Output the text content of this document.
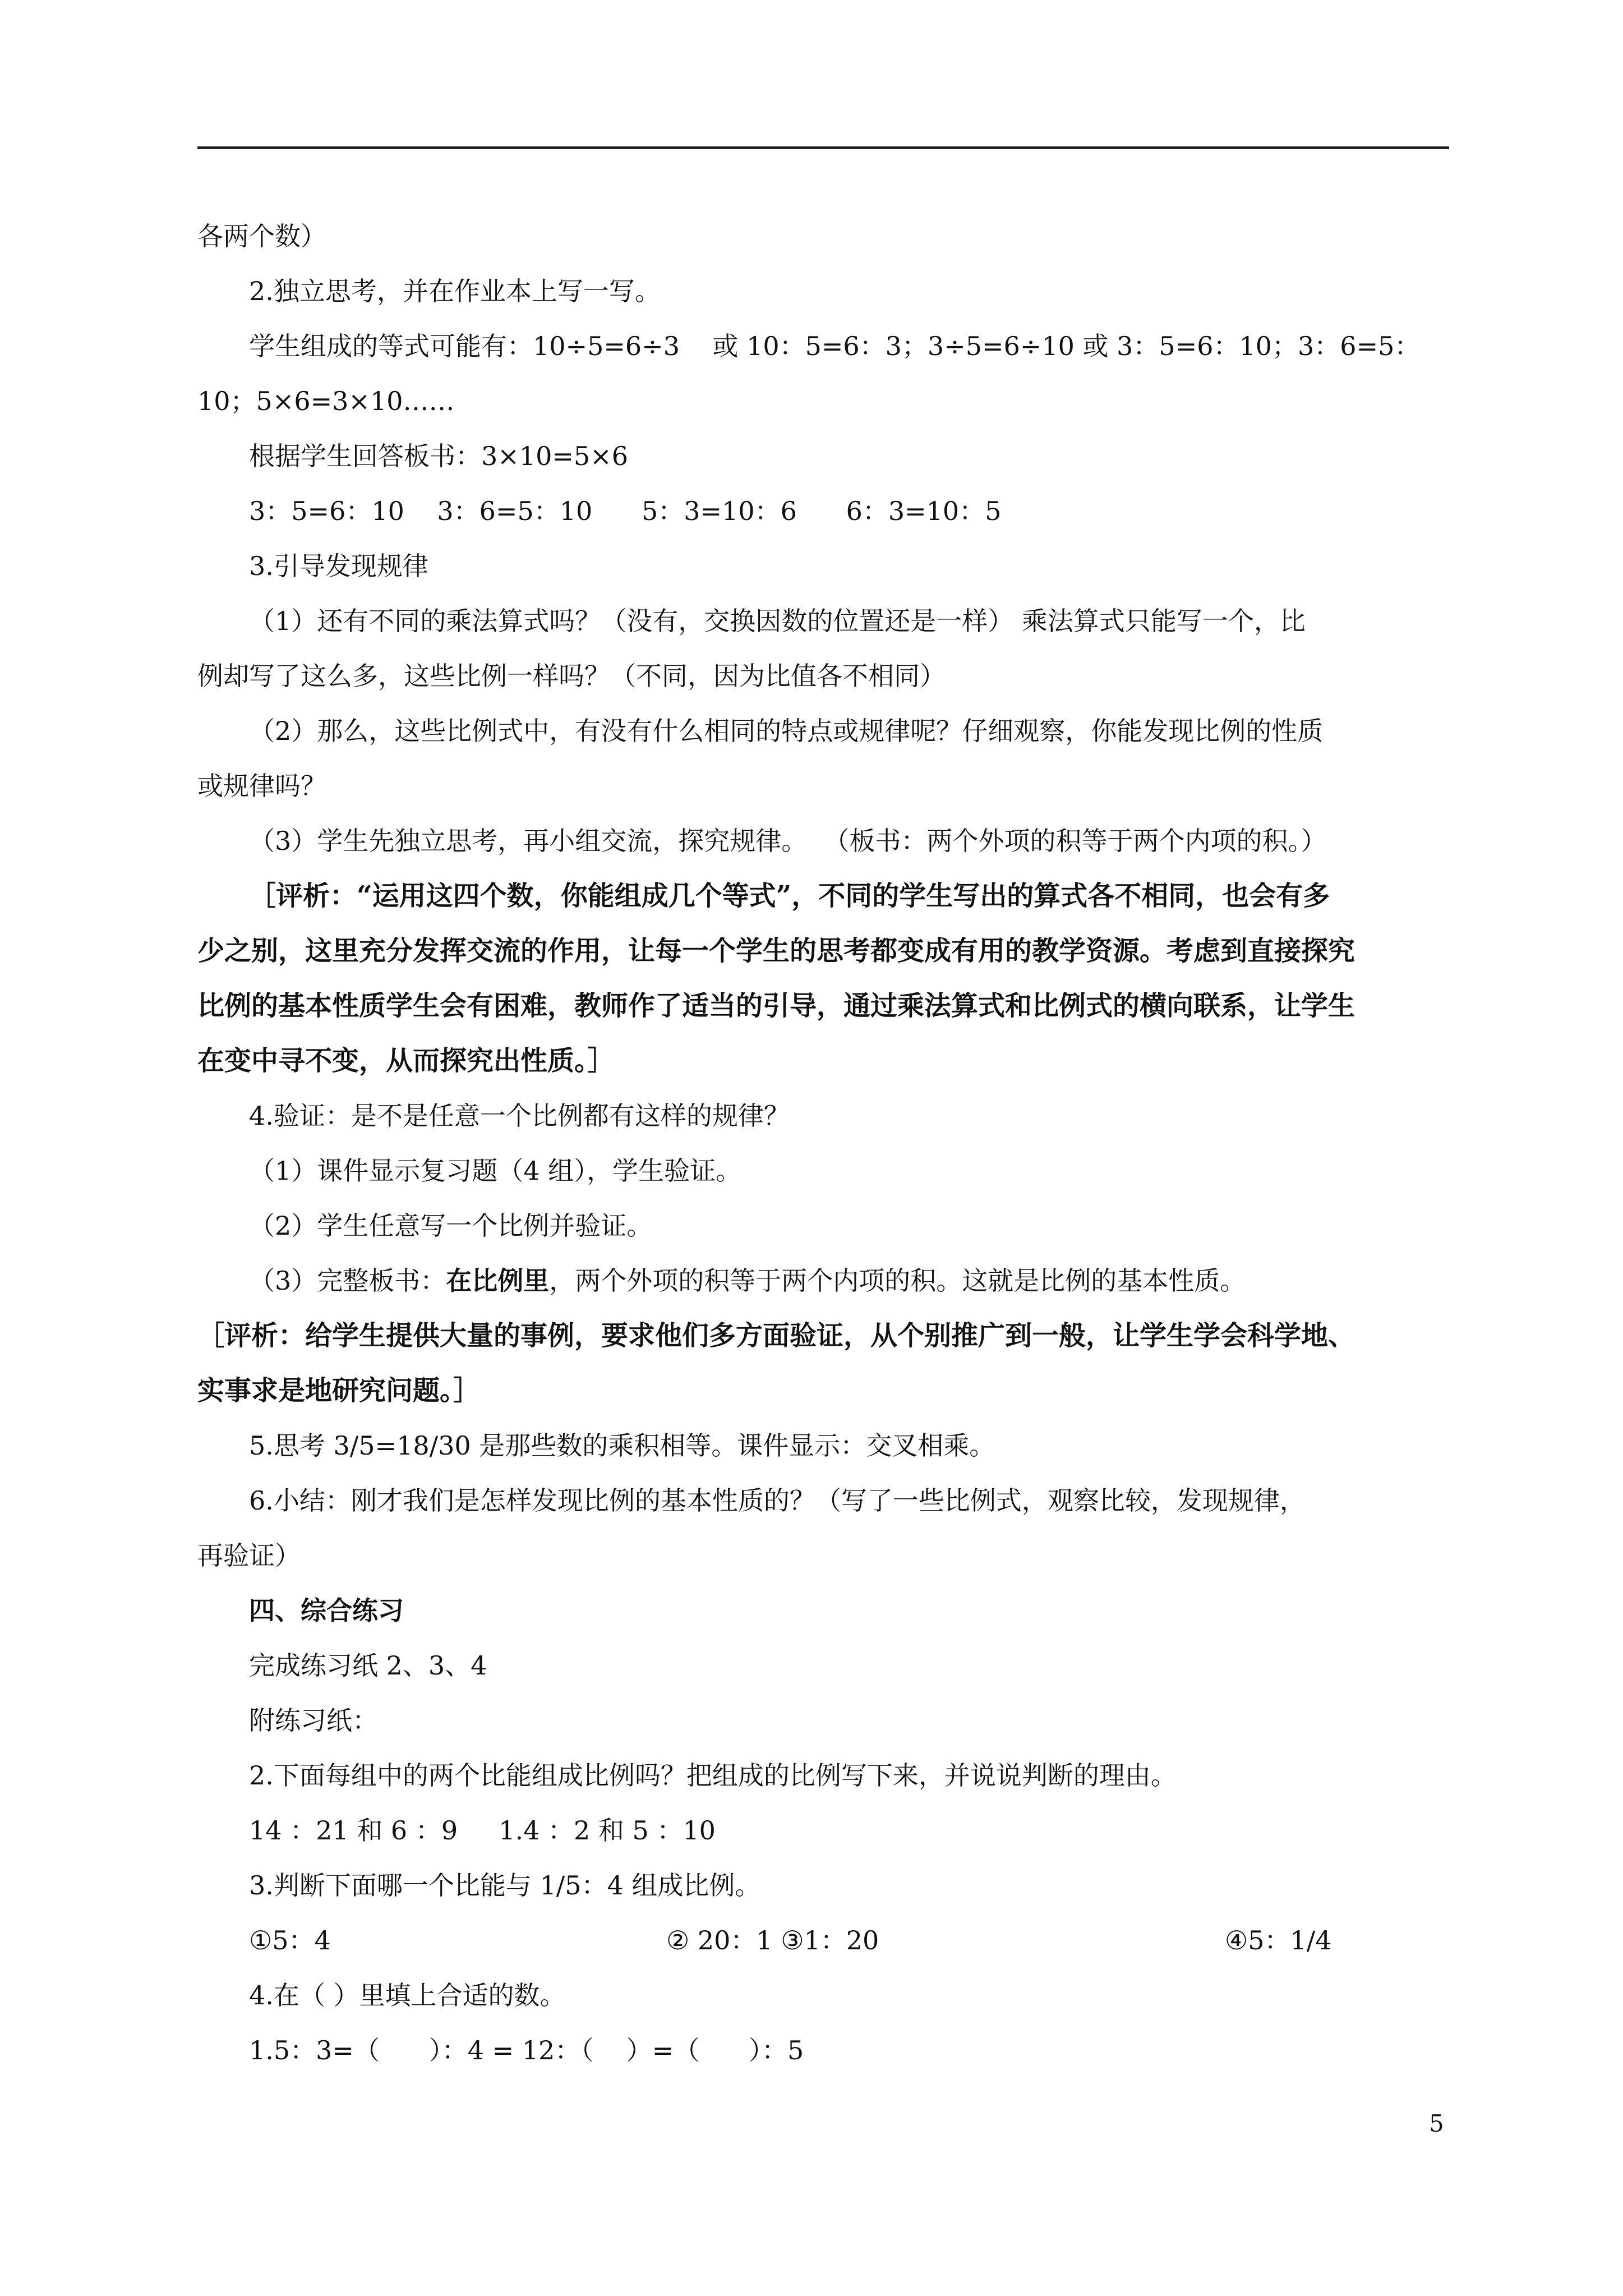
各两个数）

2.独立思考，并在作业本上写一写。

学生组成的等式可能有：10÷5=6÷3    或 10：5=6：3；3÷5=6÷10 或 3：5=6：10；3：6=5：

10；5×6=3×10……

根据学生回答板书：3×10=5×6

3：5=6：10    3：6=5：10      5：3=10：6      6：3=10：5

3.引导发现规律

（1）还有不同的乘法算式吗？（没有，交换因数的位置还是一样） 乘法算式只能写一个，比

例却写了这么多，这些比例一样吗？（不同，因为比值各不相同）

（2）那么，这些比例式中，有没有什么相同的特点或规律呢？仔细观察，你能发现比例的性质

或规律吗？

（3）学生先独立思考，再小组交流，探究规律。  （板书：两个外项的积等于两个内项的积。）

［评析：“运用这四个数，你能组成几个等式”，不同的学生写出的算式各不相同，也会有多

少之别，这里充分发挥交流的作用，让每一个学生的思考都变成有用的教学资源。考虑到直接探究

比例的基本性质学生会有困难，教师作了适当的引导，通过乘法算式和比例式的横向联系，让学生

在变中寻不变，从而探究出性质。］

4.验证：是不是任意一个比例都有这样的规律？

（1）课件显示复习题（4 组），学生验证。

（2）学生任意写一个比例并验证。

（3）完整板书：在比例里，两个外项的积等于两个内项的积。这就是比例的基本性质。

［评析：给学生提供大量的事例，要求他们多方面验证，从个别推广到一般，让学生学会科学地、

实事求是地研究问题。］

5.思考 3/5=18/30 是那些数的乘积相等。课件显示：交叉相乘。

6.小结：刚才我们是怎样发现比例的基本性质的？（写了一些比例式，观察比较，发现规律，

再验证）

四、综合练习

完成练习纸 2、3、4

附练习纸：

2.下面每组中的两个比能组成比例吗？把组成的比例写下来，并说说判断的理由。

14 ：21 和 6 ：9     1.4 ：2 和 5 ：10

3.判断下面哪一个比能与 1/5：4 组成比例。

①5：4	② 20：1 ③1：20	④5：1/4

4.在（ ）里填上合适的数。

1.5：3=（      ）：4 = 12：（    ）=（      ）：5

5
